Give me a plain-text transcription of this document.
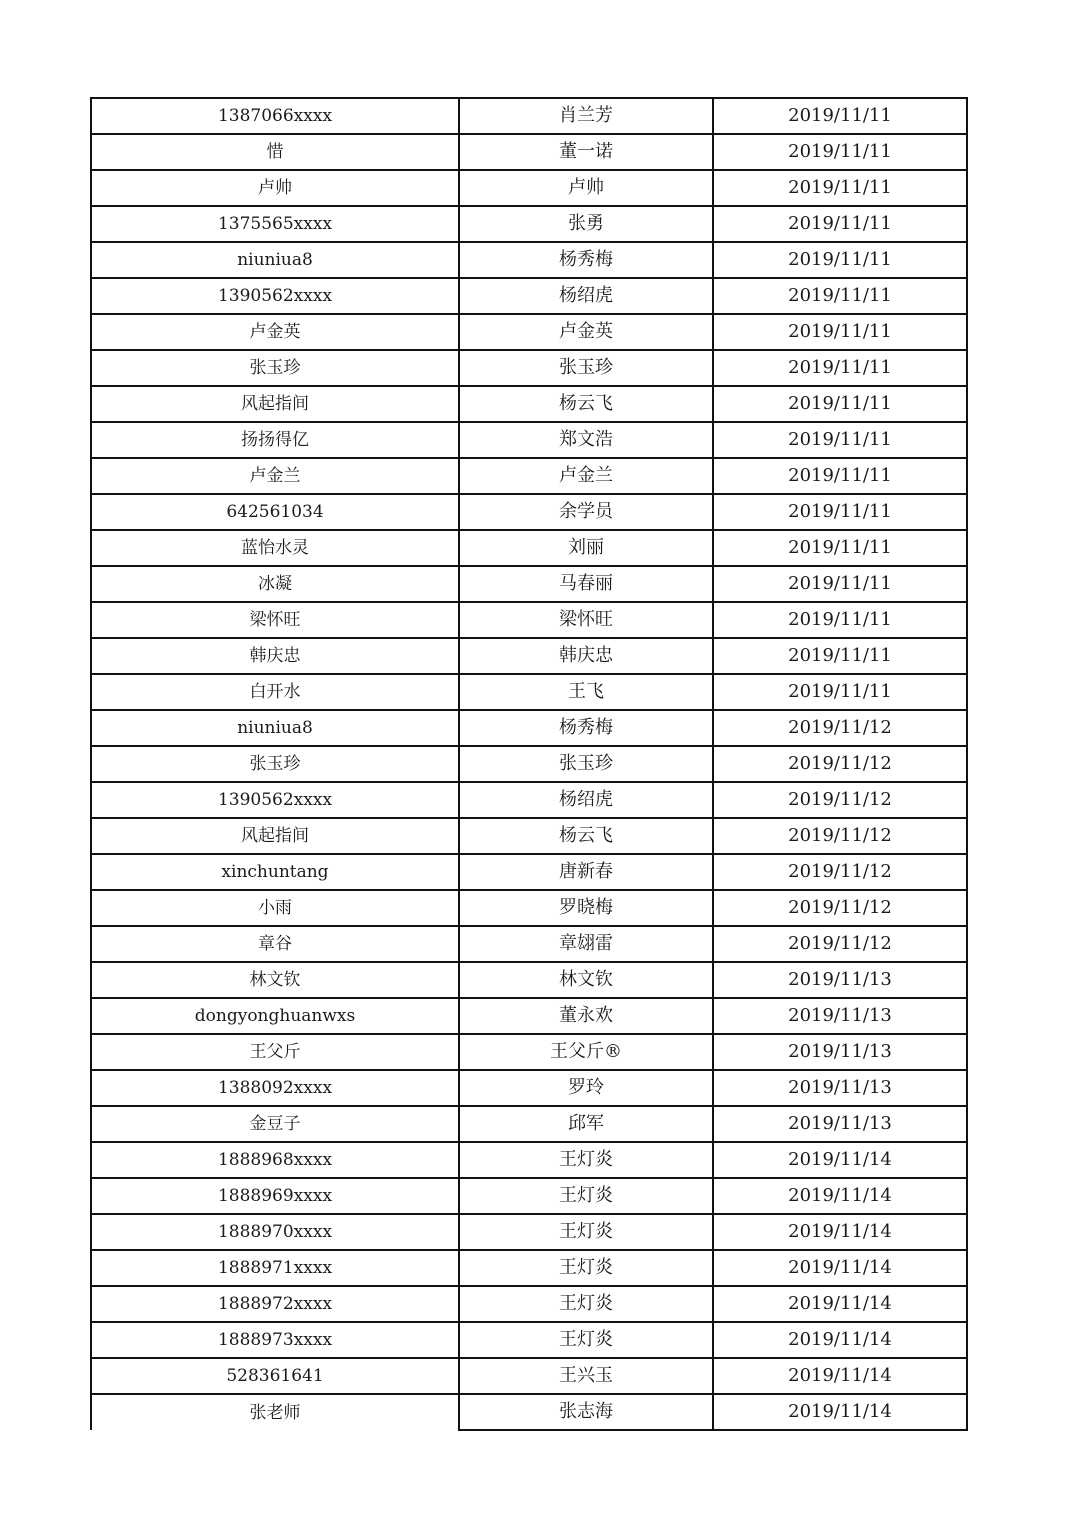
1387066xxxx	肖兰芳	2019/11/11
惜	董一诺	2019/11/11
卢帅	卢帅	2019/11/11
1375565xxxx	张勇	2019/11/11
niuniua8	杨秀梅	2019/11/11
1390562xxxx	杨绍虎	2019/11/11
卢金英	卢金英	2019/11/11
张玉珍	张玉珍	2019/11/11
风起指间	杨云飞	2019/11/11
扬扬得亿	郑文浩	2019/11/11
卢金兰	卢金兰	2019/11/11
642561034	余学员	2019/11/11
蓝怡水灵	刘丽	2019/11/11
冰凝	马春丽	2019/11/11
梁怀旺	梁怀旺	2019/11/11
韩庆忠	韩庆忠	2019/11/11
白开水	王飞	2019/11/11
niuniua8	杨秀梅	2019/11/12
张玉珍	张玉珍	2019/11/12
1390562xxxx	杨绍虎	2019/11/12
风起指间	杨云飞	2019/11/12
xinchuntang	唐新春	2019/11/12
小雨	罗晓梅	2019/11/12
章谷	章翃雷	2019/11/12
林文钦	林文钦	2019/11/13
dongyonghuanwxs	董永欢	2019/11/13
王父斤	王父斤®	2019/11/13
1388092xxxx	罗玲	2019/11/13
金豆子	邱军	2019/11/13
1888968xxxx	王灯炎	2019/11/14
1888969xxxx	王灯炎	2019/11/14
1888970xxxx	王灯炎	2019/11/14
1888971xxxx	王灯炎	2019/11/14
1888972xxxx	王灯炎	2019/11/14
1888973xxxx	王灯炎	2019/11/14
528361641	王兴玉	2019/11/14
张老师	张志海	2019/11/14
